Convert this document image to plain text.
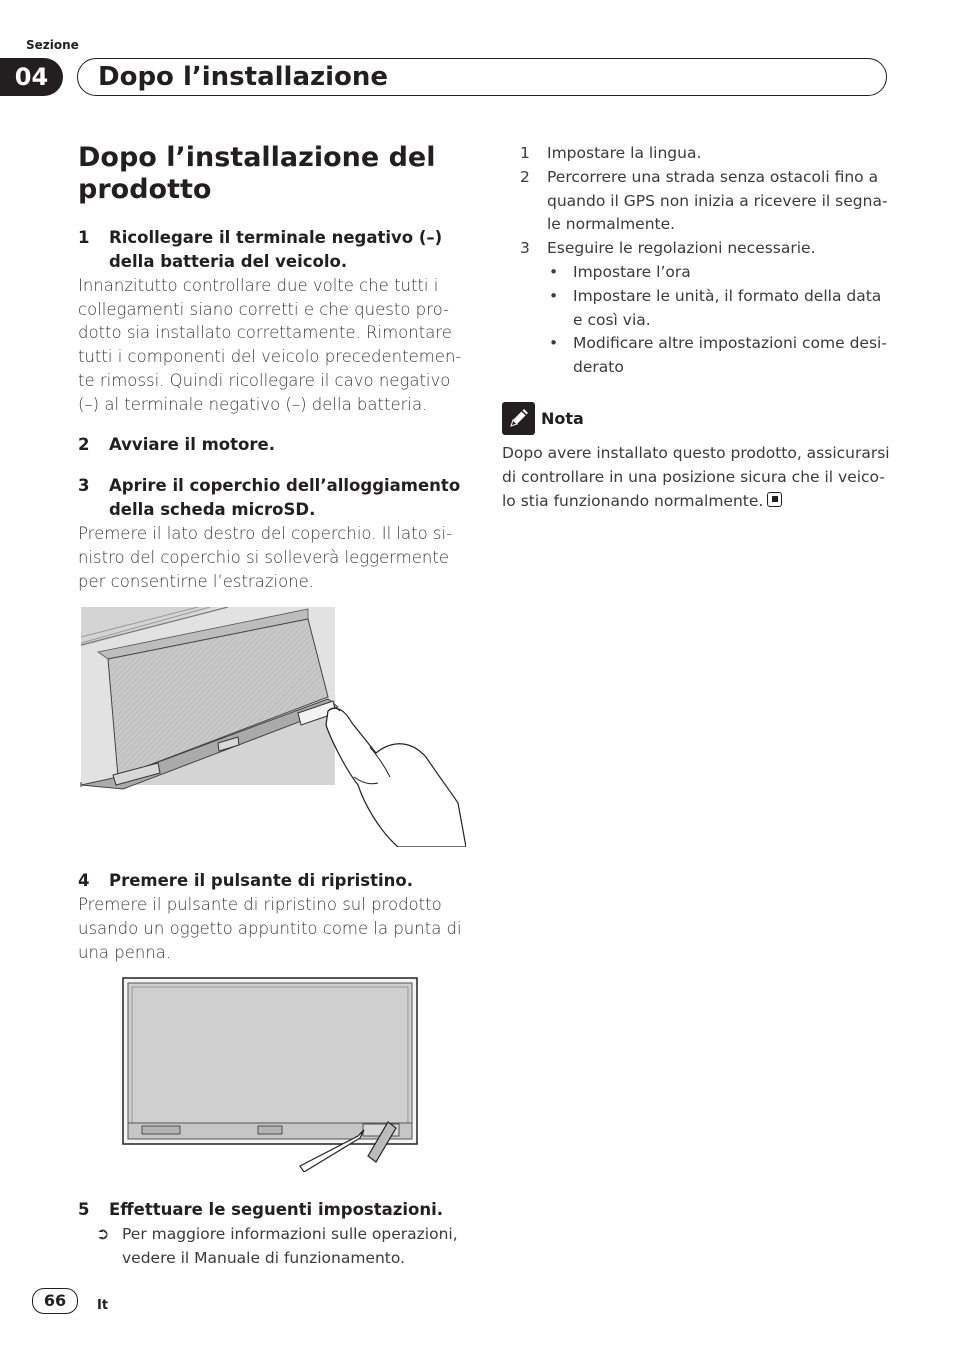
Sezione
04	Dopo l’installazione
Dopo l’installazione del prodotto

1 Ricollegare il terminale negativo (–) della batteria del veicolo.

Innanzitutto controllare due volte che tutti i collegamenti siano corretti e che questo pro-dotto sia installato correttamente. Rimontare tutti i componenti del veicolo precedentemen-te rimossi. Quindi ricollegare il cavo negativo (–) al terminale negativo (–) della batteria.

2 Avviare il motore.

3 Aprire il coperchio dell’alloggiamento della scheda microSD.

Premere il lato destro del coperchio. Il lato si-nistro del coperchio si solleverà leggermente per consentirne l’estrazione.

4 Premere il pulsante di ripristino.

Premere il pulsante di ripristino sul prodotto usando un oggetto appuntito come la punta di una penna.

5 Effettuare le seguenti impostazioni.

➲ Per maggiore informazioni sulle operazioni, vedere il Manuale di funzionamento.

1 Impostare la lingua.
2 Percorrere una strada senza ostacoli fino a quando il GPS non inizia a ricevere il segna-le normalmente.
3 Eseguire le regolazioni necessarie.
• Impostare l’ora
• Impostare le unità, il formato della data e così via.
• Modificare altre impostazioni come desi-derato
Nota

Dopo avere installato questo prodotto, assicurarsi di controllare in una posizione sicura che il veico-lo stia funzionando normalmente.

66	It
